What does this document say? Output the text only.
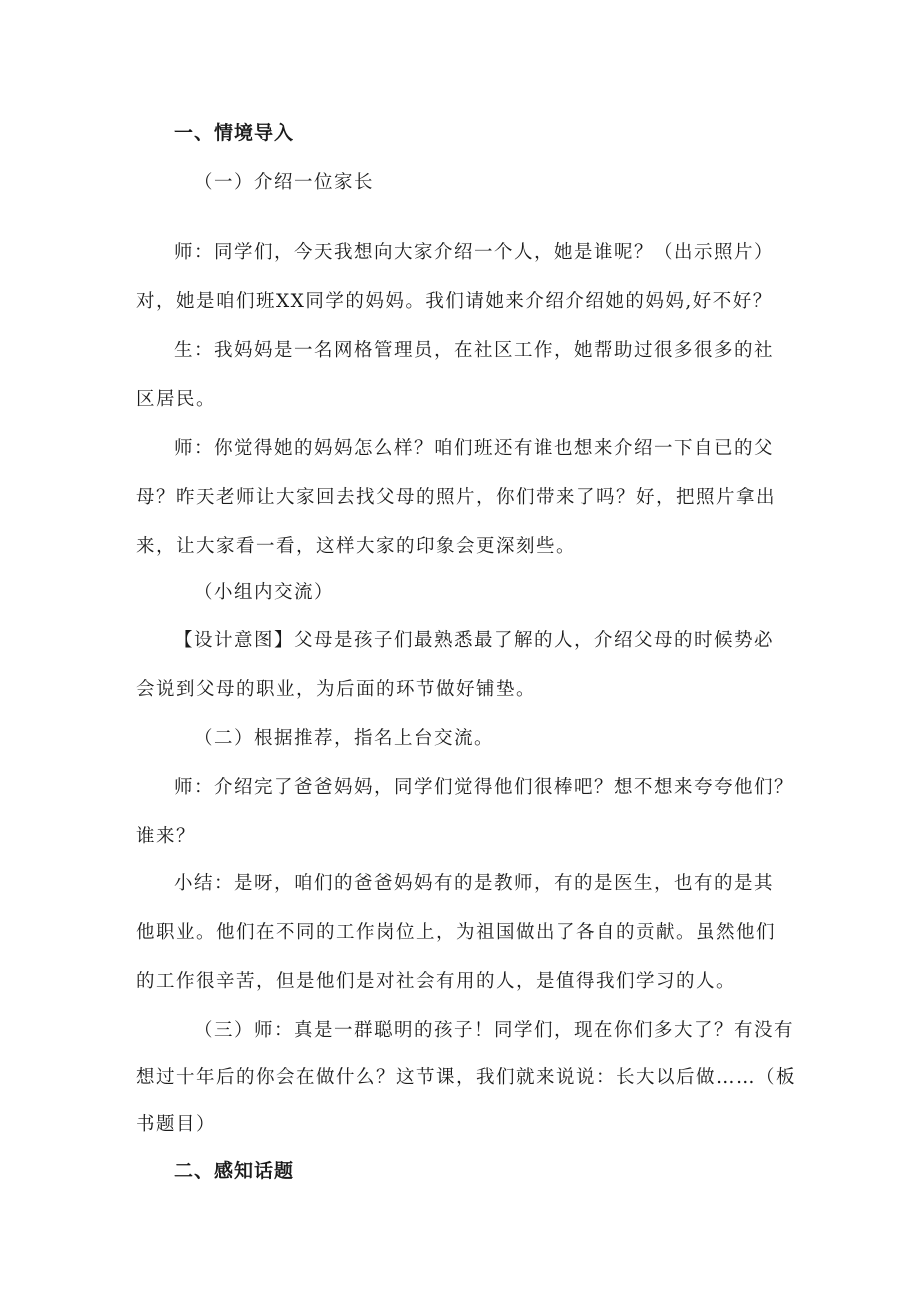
一、情境导入
（一）介绍一位家长
师：同学们，今天我想向大家介绍一个人，她是谁呢？（出示照片）
对，她是咱们班XX同学的妈妈。我们请她来介绍介绍她的妈妈,好不好？
生：我妈妈是一名网格管理员，在社区工作，她帮助过很多很多的社
区居民。
师：你觉得她的妈妈怎么样？咱们班还有谁也想来介绍一下自已的父
母？昨天老师让大家回去找父母的照片，你们带来了吗？好，把照片拿出
来，让大家看一看，这样大家的印象会更深刻些。
（小组内交流）
【设计意图】父母是孩子们最熟悉最了解的人，介绍父母的时候势必
会说到父母的职业，为后面的环节做好铺垫。
（二）根据推荐，指名上台交流。
师：介绍完了爸爸妈妈，同学们觉得他们很棒吧？想不想来夸夸他们？
谁来？
小结：是呀，咱们的爸爸妈妈有的是教师，有的是医生，也有的是其
他职业。他们在不同的工作岗位上，为祖国做出了各自的贡献。虽然他们
的工作很辛苦，但是他们是对社会有用的人，是值得我们学习的人。
（三）师：真是一群聪明的孩子！同学们，现在你们多大了？有没有
想过十年后的你会在做什么？这节课，我们就来说说：长大以后做……（板
书题目）
二、感知话题
